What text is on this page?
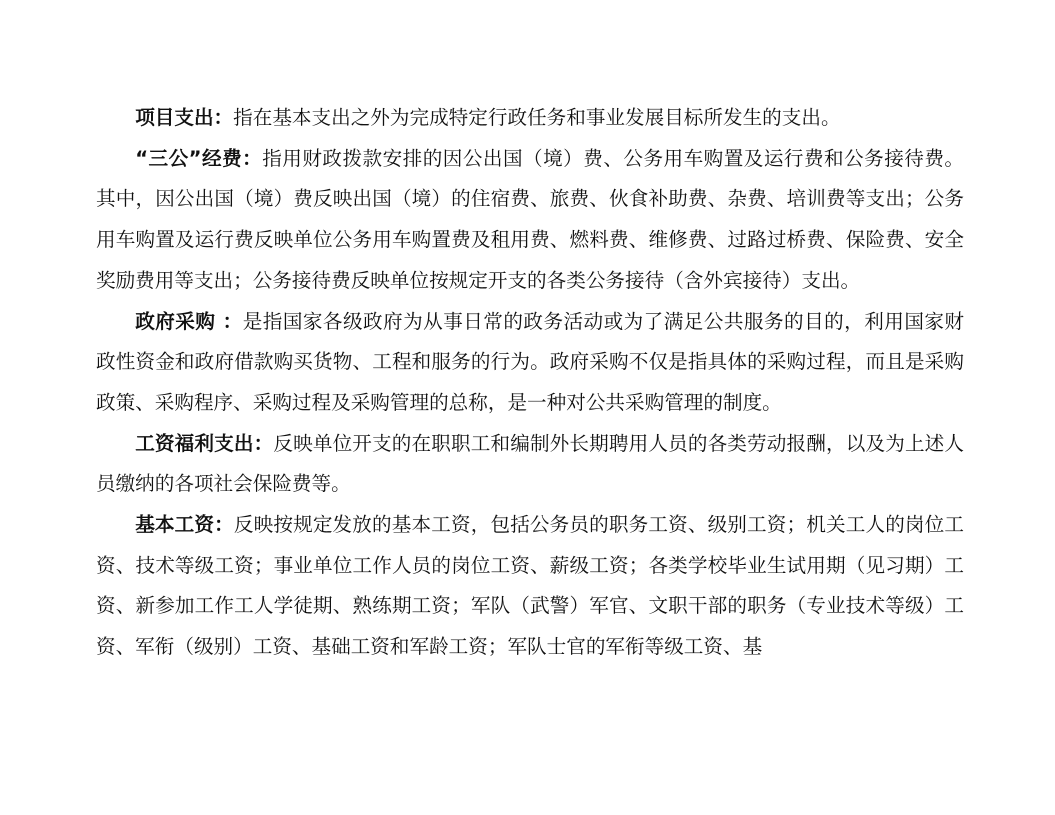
项目支出：指在基本支出之外为完成特定行政任务和事业发展目标所发生的支出。

“三公”经费：指用财政拨款安排的因公出国（境）费、公务用车购置及运行费和公务接待费。其中，因公出国（境）费反映出国（境）的住宿费、旅费、伙食补助费、杂费、培训费等支出；公务用车购置及运行费反映单位公务用车购置费及租用费、燃料费、维修费、过路过桥费、保险费、安全奖励费用等支出；公务接待费反映单位按规定开支的各类公务接待（含外宾接待）支出。

政府采购 ：是指国家各级政府为从事日常的政务活动或为了满足公共服务的目的，利用国家财政性资金和政府借款购买货物、工程和服务的行为。政府采购不仅是指具体的采购过程，而且是采购政策、采购程序、采购过程及采购管理的总称，是一种对公共采购管理的制度。

工资福利支出：反映单位开支的在职职工和编制外长期聘用人员的各类劳动报酬，以及为上述人员缴纳的各项社会保险费等。

基本工资：反映按规定发放的基本工资，包括公务员的职务工资、级别工资；机关工人的岗位工资、技术等级工资；事业单位工作人员的岗位工资、薪级工资；各类学校毕业生试用期（见习期）工资、新参加工作工人学徒期、熟练期工资；军队（武警）军官、文职干部的职务（专业技术等级）工资、军衔（级别）工资、基础工资和军龄工资；军队士官的军衔等级工资、基
